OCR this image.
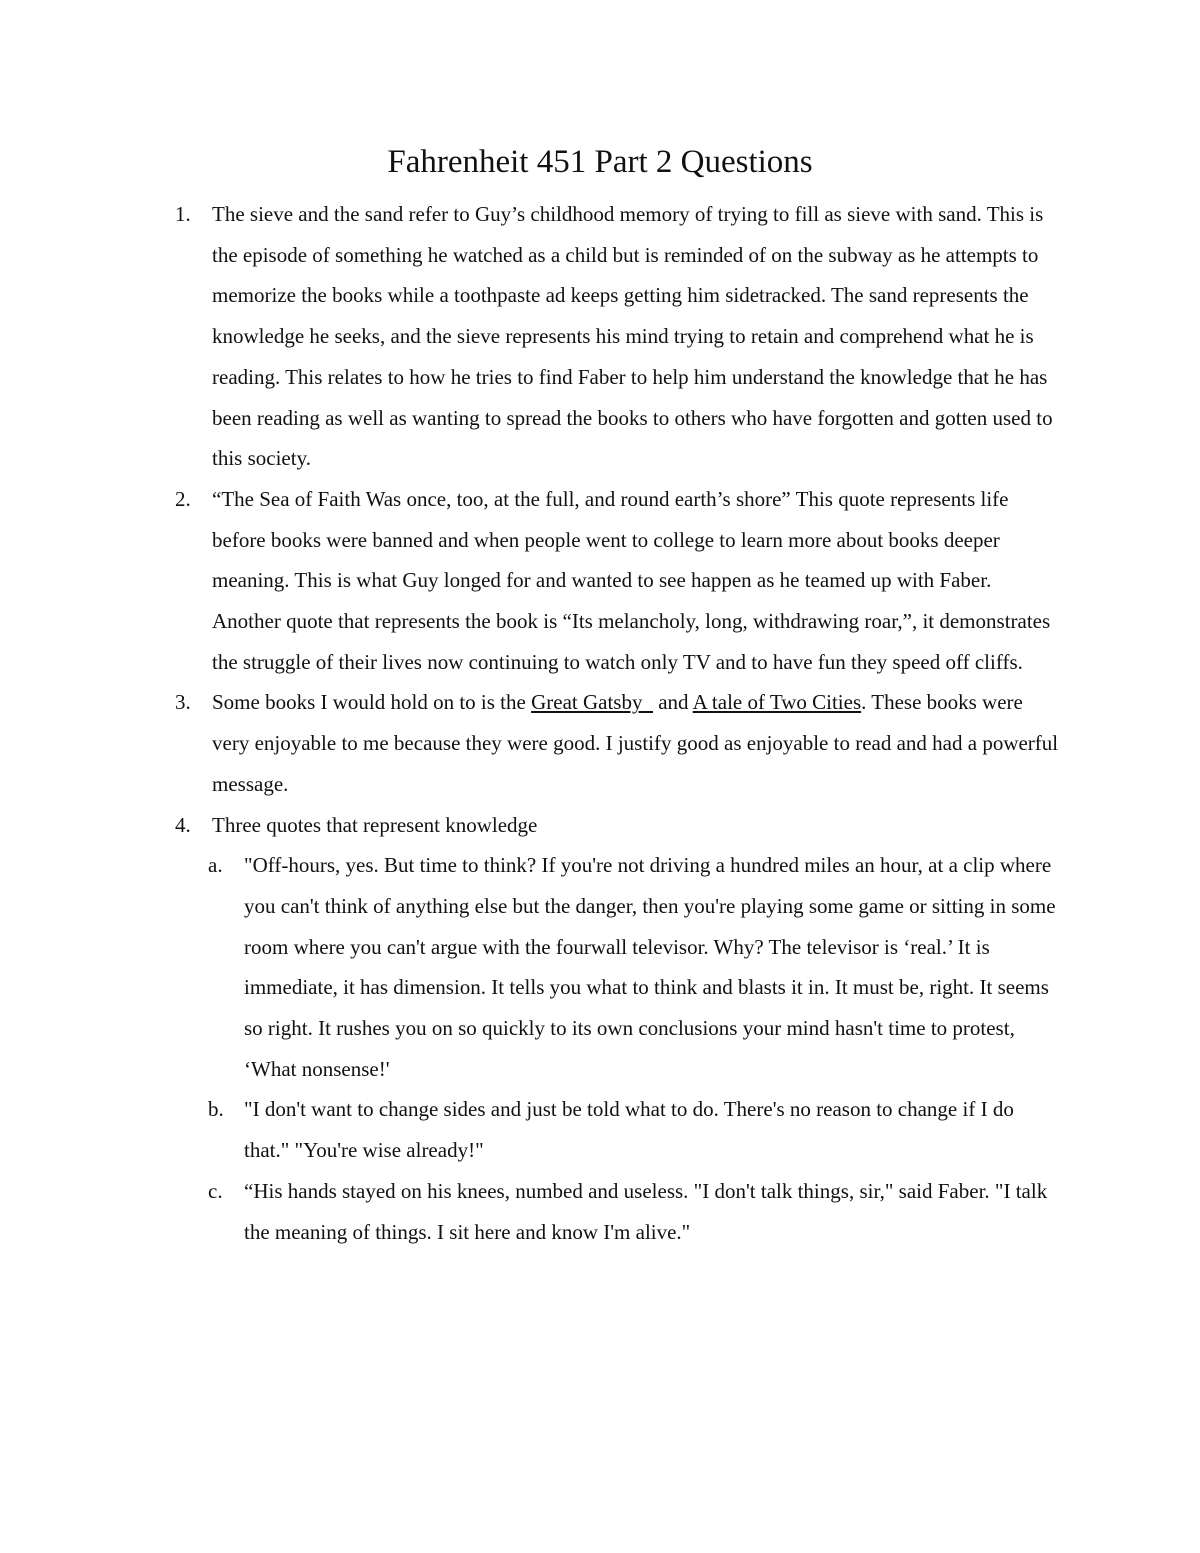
Fahrenheit 451 Part 2 Questions
1. The sieve and the sand refer to Guy’s childhood memory of trying to fill as sieve with sand. This is the episode of something he watched as a child but is reminded of on the subway as he attempts to memorize the books while a toothpaste ad keeps getting him sidetracked. The sand represents the knowledge he seeks, and the sieve represents his mind trying to retain and comprehend what he is reading. This relates to how he tries to find Faber to help him understand the knowledge that he has been reading as well as wanting to spread the books to others who have forgotten and gotten used to this society.
2. “The Sea of Faith Was once, too, at the full, and round earth’s shore” This quote represents life before books were banned and when people went to college to learn more about books deeper meaning. This is what Guy longed for and wanted to see happen as he teamed up with Faber. Another quote that represents the book is “Its melancholy, long, withdrawing roar,”, it demonstrates the struggle of their lives now continuing to watch only TV and to have fun they speed off cliffs.
3. Some books I would hold on to is the Great Gatsby   and A tale of Two Cities. These books were very enjoyable to me because they were good. I justify good as enjoyable to read and had a powerful message.
4. Three quotes that represent knowledge
a. "Off-hours, yes. But time to think? If you're not driving a hundred miles an hour, at a clip where you can't think of anything else but the danger, then you're playing some game or sitting in some room where you can't argue with the fourwall televisor. Why? The televisor is ‘real.’ It is immediate, it has dimension. It tells you what to think and blasts it in. It must be, right. It seems so right. It rushes you on so quickly to its own conclusions your mind hasn't time to protest, ‘What nonsense!'
b. "I don't want to change sides and just be told what to do. There's no reason to change if I do that." "You're wise already!"
c. “His hands stayed on his knees, numbed and useless. "I don't talk things, sir," said Faber. "I talk the meaning of things. I sit here and know I'm alive."
